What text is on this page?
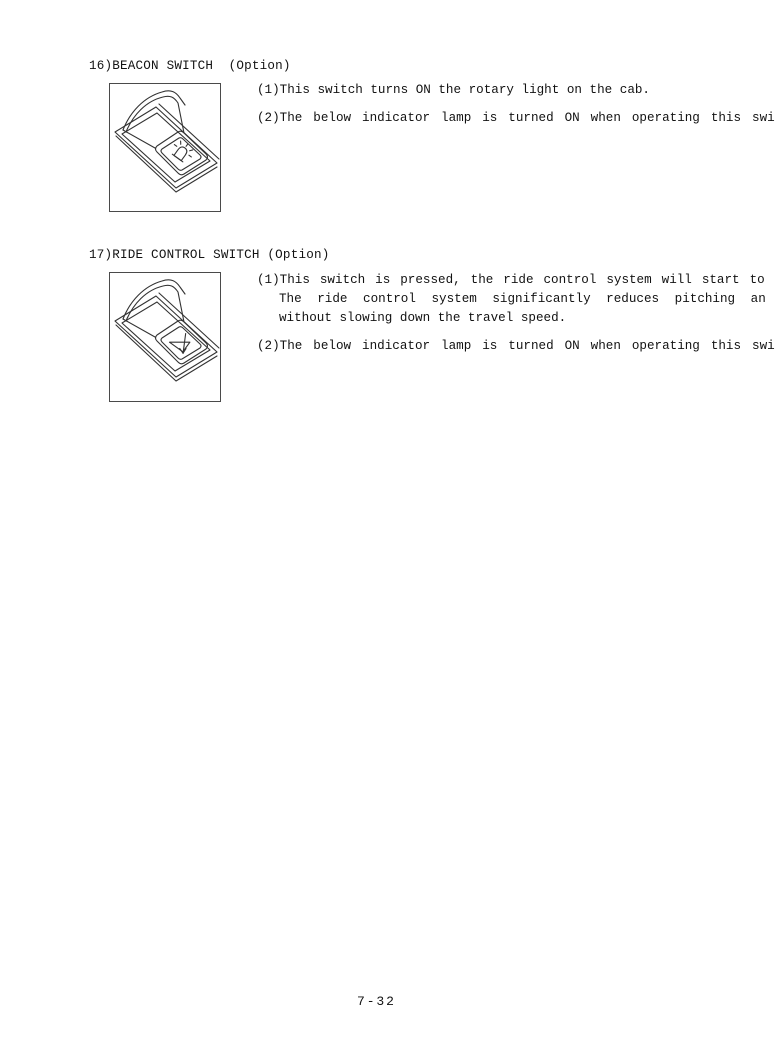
16)BEACON SWITCH  (Option)
(1)This switch turns ON the rotary light on the cab.
(2)The below indicator lamp is turned ON when operating this swi
17)RIDE CONTROL SWITCH (Option)
(1)This switch is pressed, the ride control system will start to
The ride control system significantly reduces pitching an
without slowing down the travel speed.
(2)The below indicator lamp is turned ON when operating this swi
7-32
